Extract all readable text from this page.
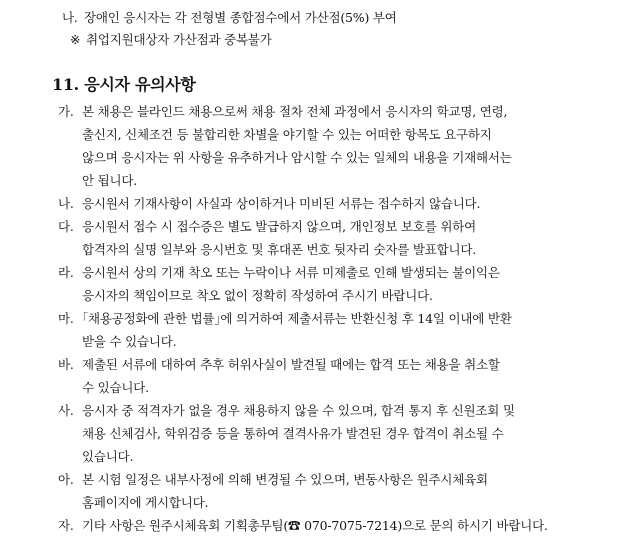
나. 장애인 응시자는 각 전형별 종합점수에서 가산점(5%) 부여
※ 취업지원대상자 가산점과 중복불가
11. 응시자 유의사항
가. 본 채용은 블라인드 채용으로써 채용 절차 전체 과정에서 응시자의 학교명, 연령,
출신지, 신체조건 등 불합리한 차별을 야기할 수 있는 어떠한 항목도 요구하지
않으며 응시자는 위 사항을 유추하거나 암시할 수 있는 일체의 내용을 기재해서는
안 됩니다.
나. 응시원서 기재사항이 사실과 상이하거나 미비된 서류는 접수하지 않습니다.
다. 응시원서 접수 시 접수증은 별도 발급하지 않으며, 개인정보 보호를 위하여
합격자의 실명 일부와 응시번호 및 휴대폰 번호 뒷자리 숫자를 발표합니다.
라. 응시원서 상의 기재 착오 또는 누락이나 서류 미제출로 인해 발생되는 불이익은
응시자의 책임이므로 착오 없이 정확히 작성하여 주시기 바랍니다.
마. ｢채용공정화에 관한 법률｣에 의거하여 제출서류는 반환신청 후 14일 이내에 반환
받을 수 있습니다.
바. 제출된 서류에 대하여 추후 허위사실이 발견될 때에는 합격 또는 채용을 취소할
수 있습니다.
사. 응시자 중 적격자가 없을 경우 채용하지 않을 수 있으며, 합격 통지 후 신원조회 및
채용 신체검사, 학위검증 등을 통하여 결격사유가 발견된 경우 합격이 취소될 수
있습니다.
아. 본 시험 일정은 내부사정에 의해 변경될 수 있으며, 변동사항은 원주시체육회
홈페이지에 게시합니다.
자. 기타 사항은 원주시체육회 기획총무팀(☎ 070-7075-7214)으로 문의 하시기 바랍니다.
